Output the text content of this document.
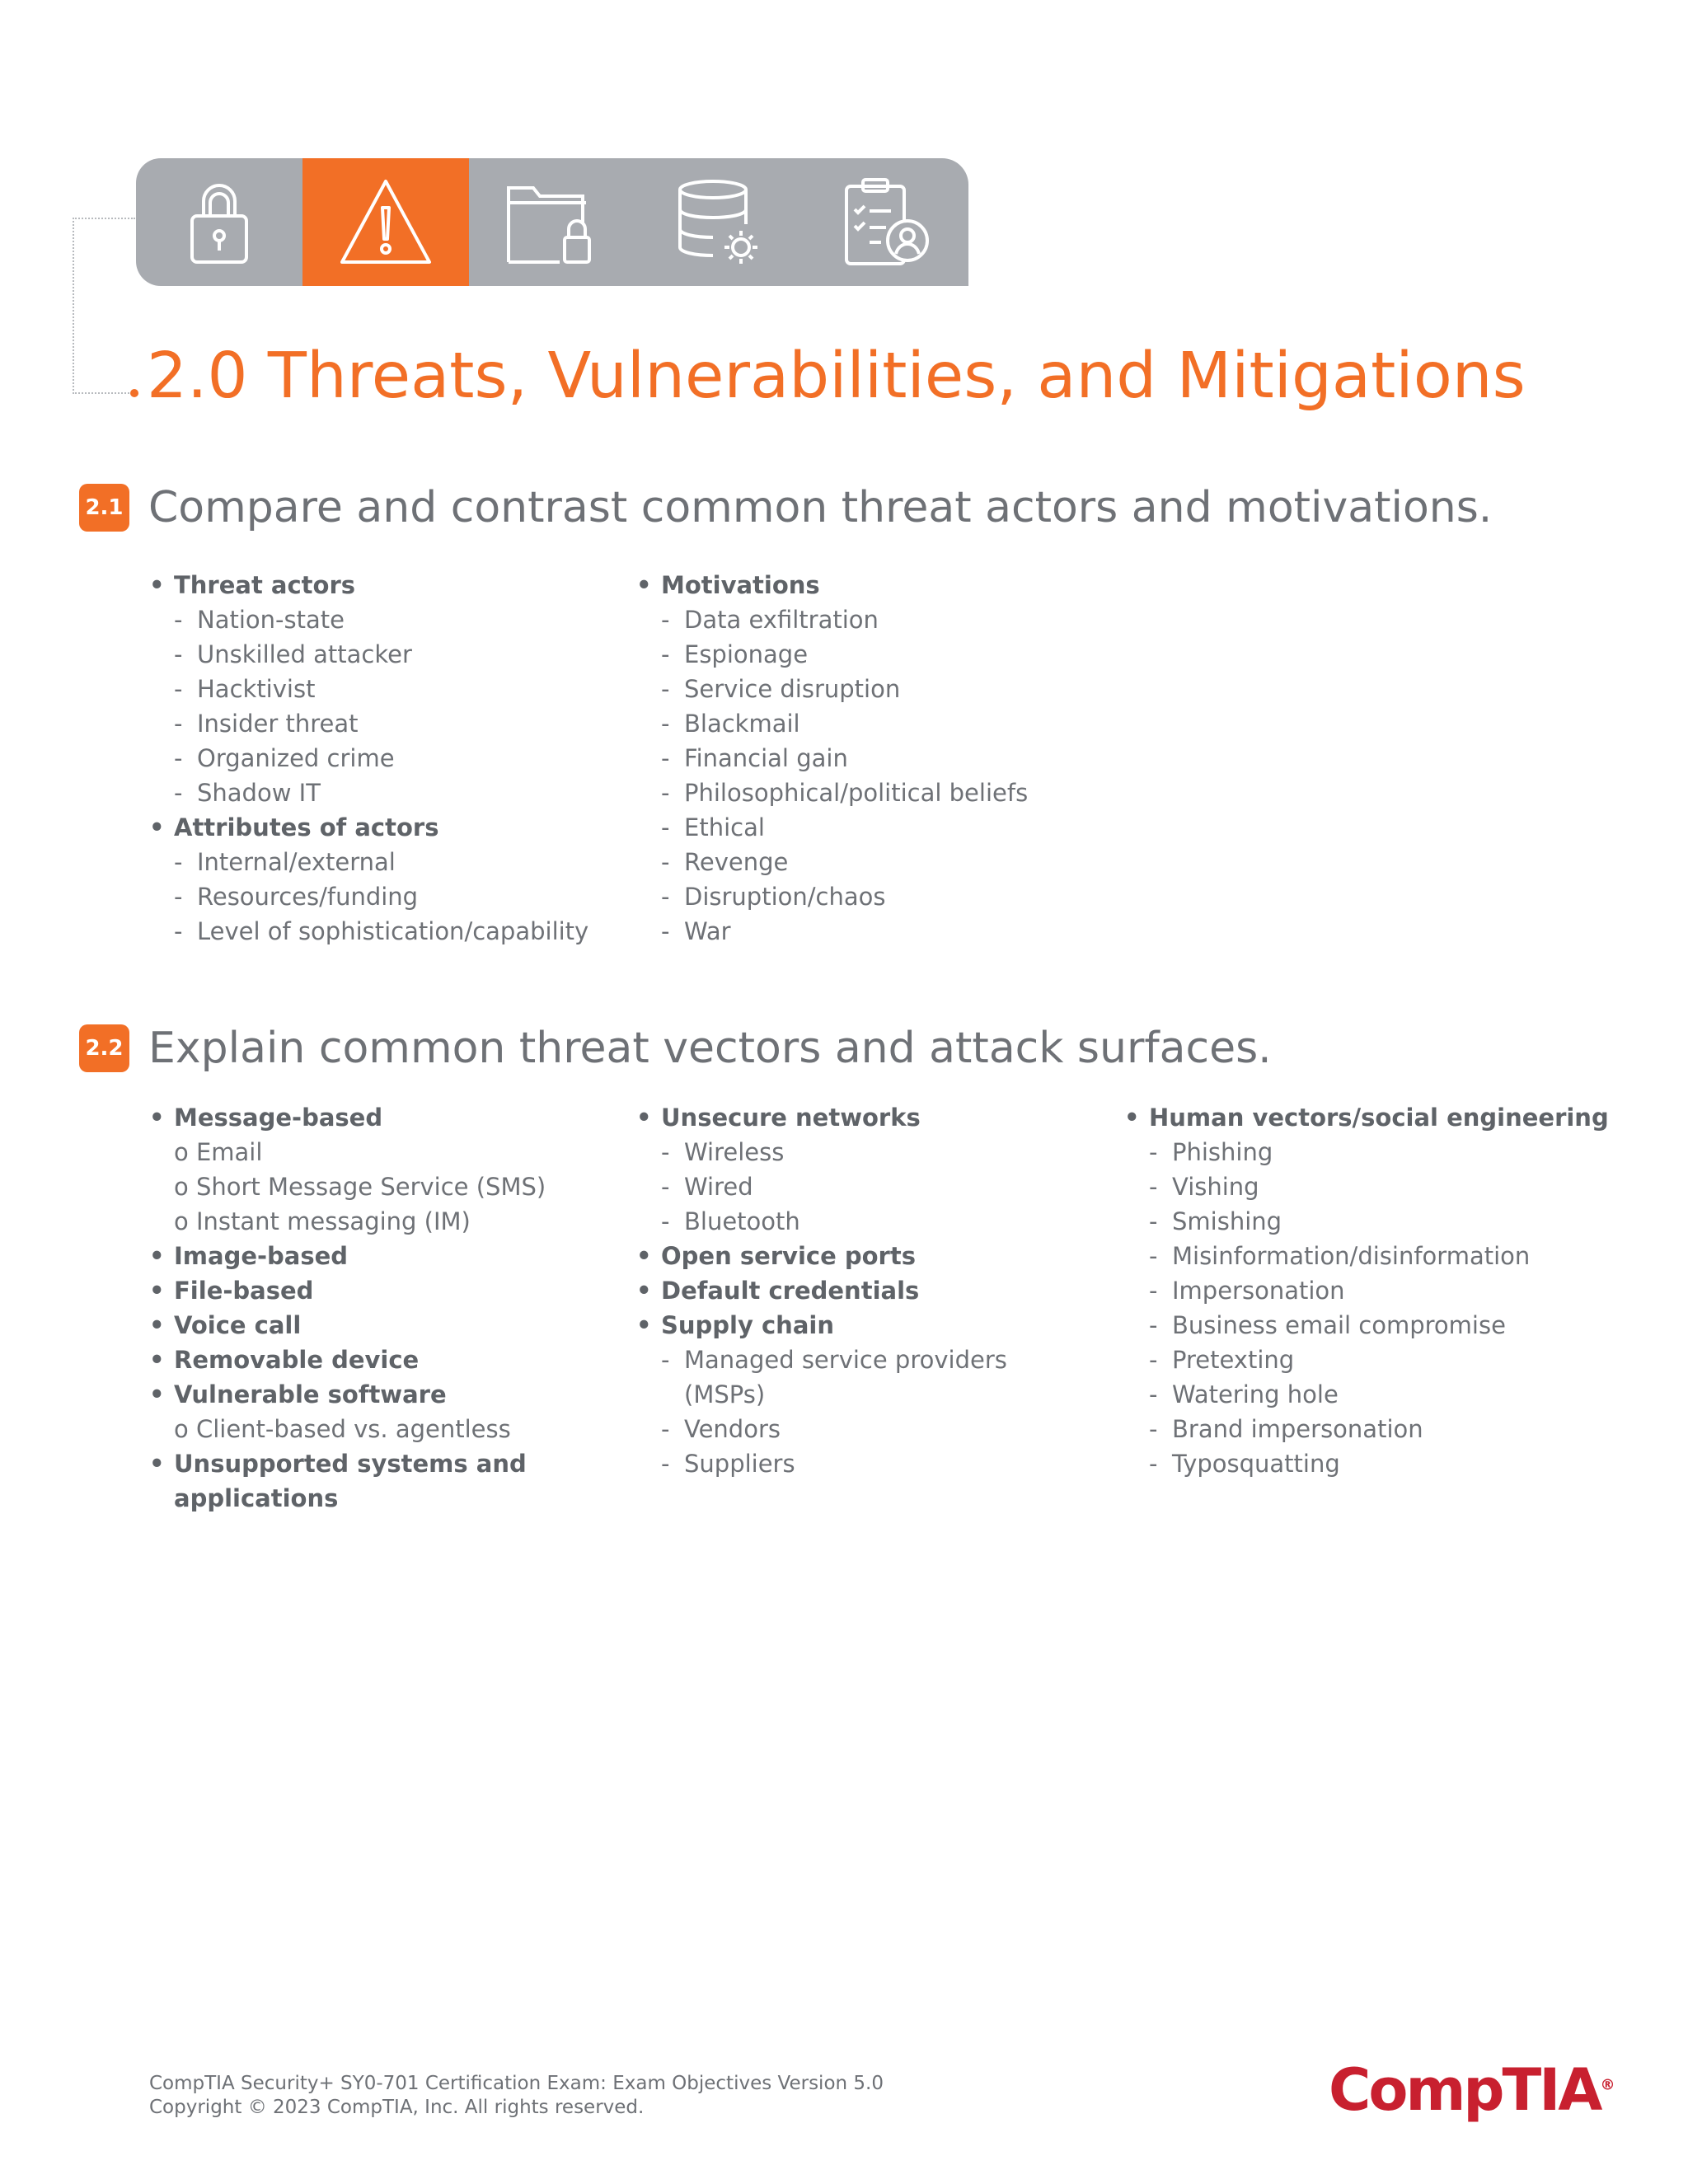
2.0 Threats, Vulnerabilities, and Mitigations
2.1 Compare and contrast common threat actors and motivations.
• Threat actors
- Nation-state
- Unskilled attacker
- Hacktivist
- Insider threat
- Organized crime
- Shadow IT
• Attributes of actors
- Internal/external
- Resources/funding
- Level of sophistication/capability
• Motivations
- Data exfiltration
- Espionage
- Service disruption
- Blackmail
- Financial gain
- Philosophical/political beliefs
- Ethical
- Revenge
- Disruption/chaos
- War
2.2 Explain common threat vectors and attack surfaces.
• Message-based
o Email
o Short Message Service (SMS)
o Instant messaging (IM)
• Image-based
• File-based
• Voice call
• Removable device
• Vulnerable software
o Client-based vs. agentless
• Unsupported systems and
applications
• Unsecure networks
- Wireless
- Wired
- Bluetooth
• Open service ports
• Default credentials
• Supply chain
- Managed service providers
(MSPs)
- Vendors
- Suppliers
• Human vectors/social engineering
- Phishing
- Vishing
- Smishing
- Misinformation/disinformation
- Impersonation
- Business email compromise
- Pretexting
- Watering hole
- Brand impersonation
- Typosquatting
CompTIA Security+ SY0-701 Certification Exam: Exam Objectives Version 5.0
Copyright © 2023 CompTIA, Inc. All rights reserved.	CompTIA®
